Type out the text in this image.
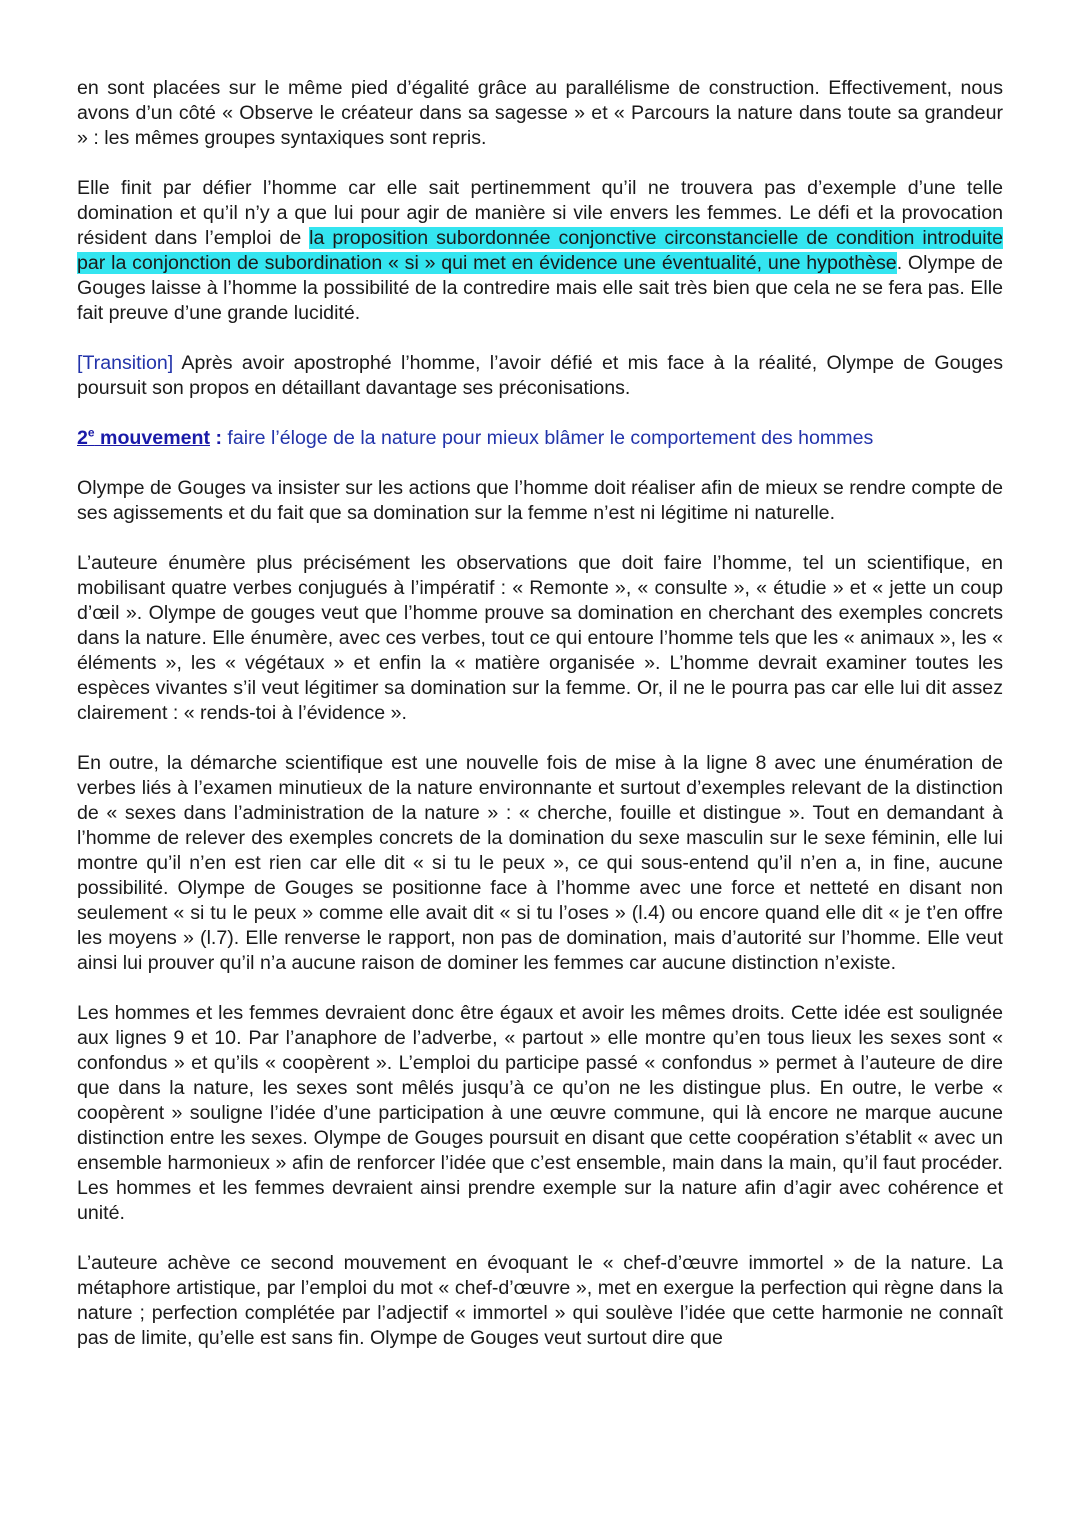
en sont placées sur le même pied d’égalité grâce au parallélisme de construction. Effectivement, nous avons d’un côté « Observe le créateur dans sa sagesse » et « Parcours la nature dans toute sa grandeur » : les mêmes groupes syntaxiques sont repris.

Elle finit par défier l’homme car elle sait pertinemment qu’il ne trouvera pas d’exemple d’une telle domination et qu’il n’y a que lui pour agir de manière si vile envers les femmes. Le défi et la provocation résident dans l’emploi de la proposition subordonnée conjonctive circonstancielle de condition introduite par la conjonction de subordination « si » qui met en évidence une éventualité, une hypothèse. Olympe de Gouges laisse à l’homme la possibilité de la contredire mais elle sait très bien que cela ne se fera pas. Elle fait preuve d’une grande lucidité.

[Transition] Après avoir apostrophé l’homme, l’avoir défié et mis face à la réalité, Olympe de Gouges poursuit son propos en détaillant davantage ses préconisations.

2e mouvement : faire l’éloge de la nature pour mieux blâmer le comportement des hommes

Olympe de Gouges va insister sur les actions que l’homme doit réaliser afin de mieux se rendre compte de ses agissements et du fait que sa domination sur la femme n’est ni légitime ni naturelle.

L’auteure énumère plus précisément les observations que doit faire l’homme, tel un scientifique, en mobilisant quatre verbes conjugués à l’impératif : « Remonte », « consulte », « étudie » et « jette un coup d’œil ». Olympe de gouges veut que l’homme prouve sa domination en cherchant des exemples concrets dans la nature. Elle énumère, avec ces verbes, tout ce qui entoure l’homme tels que les « animaux », les « éléments », les « végétaux » et enfin la « matière organisée ». L’homme devrait examiner toutes les espèces vivantes s’il veut légitimer sa domination sur la femme. Or, il ne le pourra pas car elle lui dit assez clairement : « rends-toi à l’évidence ».

En outre, la démarche scientifique est une nouvelle fois de mise à la ligne 8 avec une énumération de verbes liés à l’examen minutieux de la nature environnante et surtout d’exemples relevant de la distinction de « sexes dans l’administration de la nature » : « cherche, fouille et distingue ». Tout en demandant à l’homme de relever des exemples concrets de la domination du sexe masculin sur le sexe féminin, elle lui montre qu’il n’en est rien car elle dit « si tu le peux », ce qui sous-entend qu’il n’en a, in fine, aucune possibilité. Olympe de Gouges se positionne face à l’homme avec une force et netteté en disant non seulement « si tu le peux » comme elle avait dit « si tu l’oses » (l.4) ou encore quand elle dit « je t’en offre les moyens » (l.7). Elle renverse le rapport, non pas de domination, mais d’autorité sur l’homme. Elle veut ainsi lui prouver qu’il n’a aucune raison de dominer les femmes car aucune distinction n’existe.

Les hommes et les femmes devraient donc être égaux et avoir les mêmes droits. Cette idée est soulignée aux lignes 9 et 10. Par l’anaphore de l’adverbe, « partout » elle montre qu’en tous lieux les sexes sont « confondus » et qu’ils « coopèrent ». L’emploi du participe passé « confondus » permet à l’auteure de dire que dans la nature, les sexes sont mêlés jusqu’à ce qu’on ne les distingue plus. En outre, le verbe « coopèrent » souligne l’idée d’une participation à une œuvre commune, qui là encore ne marque aucune distinction entre les sexes. Olympe de Gouges poursuit en disant que cette coopération s’établit « avec un ensemble harmonieux » afin de renforcer l’idée que c’est ensemble, main dans la main, qu’il faut procéder. Les hommes et les femmes devraient ainsi prendre exemple sur la nature afin d’agir avec cohérence et unité.

L’auteure achève ce second mouvement en évoquant le « chef-d’œuvre immortel » de la nature. La métaphore artistique, par l’emploi du mot « chef-d’œuvre », met en exergue la perfection qui règne dans la nature ; perfection complétée par l’adjectif « immortel » qui soulève l’idée que cette harmonie ne connaît pas de limite, qu’elle est sans fin. Olympe de Gouges veut surtout dire que
